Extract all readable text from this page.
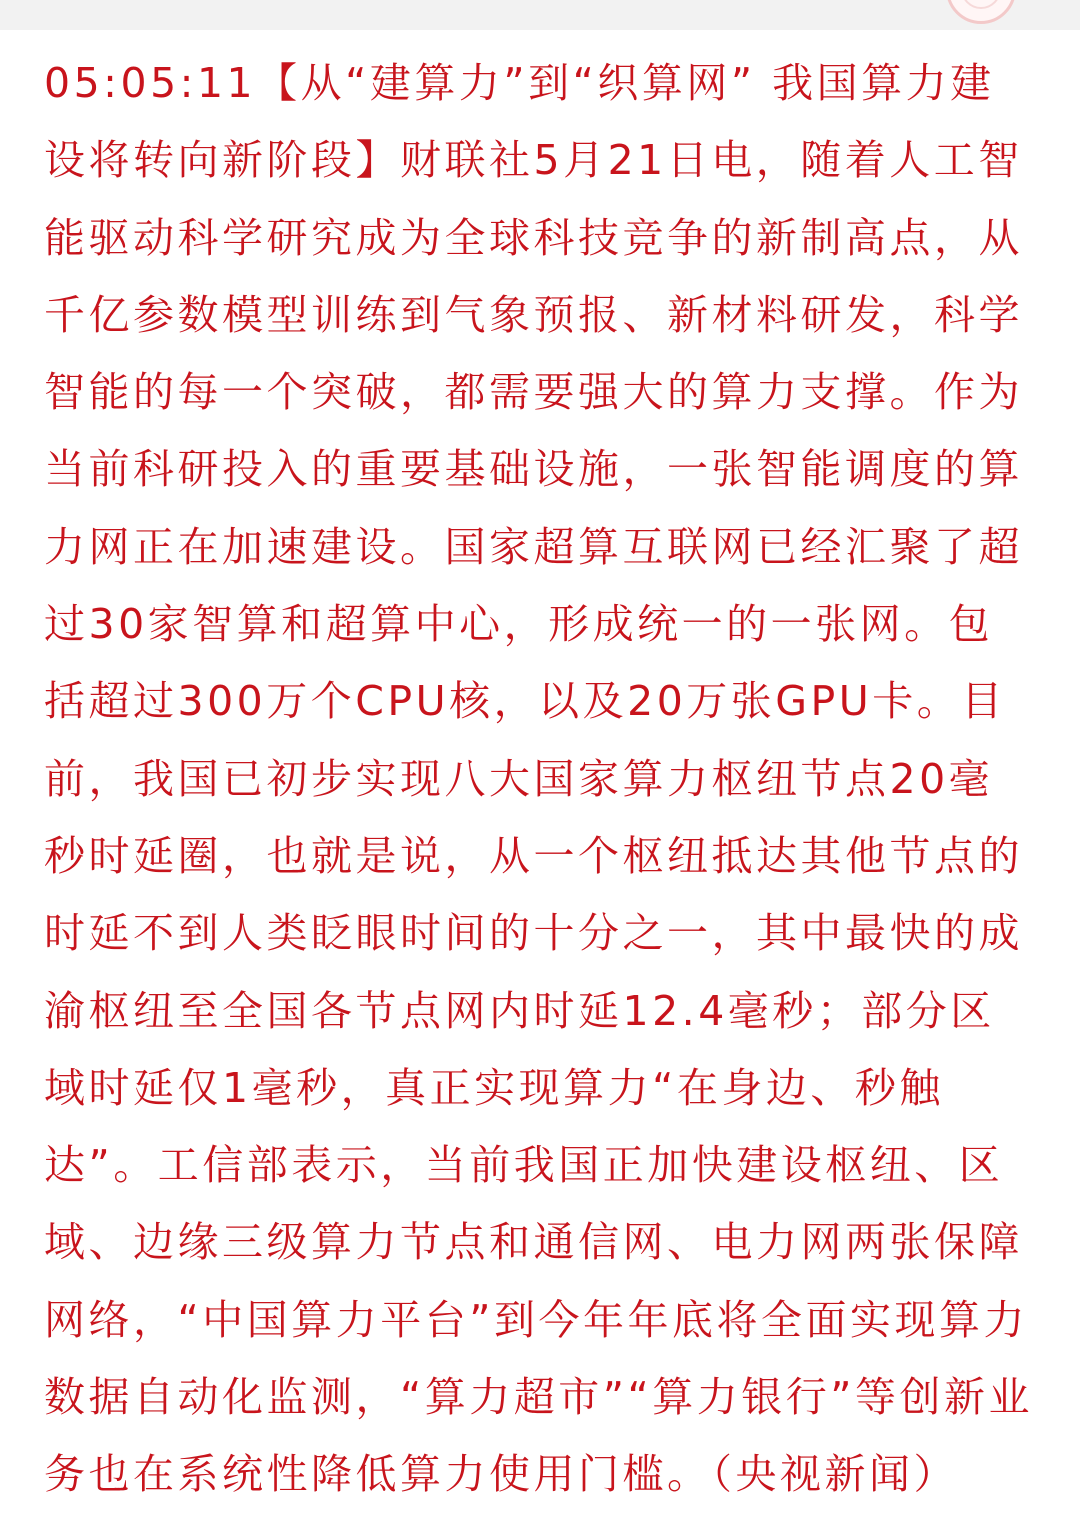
05:05:11【从“建算力”到“织算网” 我国算力建设将转向新阶段】财联社5月21日电，随着人工智能驱动科学研究成为全球科技竞争的新制高点，从千亿参数模型训练到气象预报、新材料研发，科学智能的每一个突破，都需要强大的算力支撑。作为当前科研投入的重要基础设施，一张智能调度的算力网正在加速建设。国家超算互联网已经汇聚了超过30家智算和超算中心，形成统一的一张网。包括超过300万个CPU核，以及20万张GPU卡。目前，我国已初步实现八大国家算力枢纽节点20毫秒时延圈，也就是说，从一个枢纽抵达其他节点的时延不到人类眨眼时间的十分之一，其中最快的成渝枢纽至全国各节点网内时延12.4毫秒；部分区域时延仅1毫秒，真正实现算力“在身边、秒触达”。工信部表示，当前我国正加快建设枢纽、区域、边缘三级算力节点和通信网、电力网两张保障网络，“中国算力平台”到今年年底将全面实现算力数据自动化监测，“算力超市”“算力银行”等创新业务也在系统性降低算力使用门槛。（央视新闻）
